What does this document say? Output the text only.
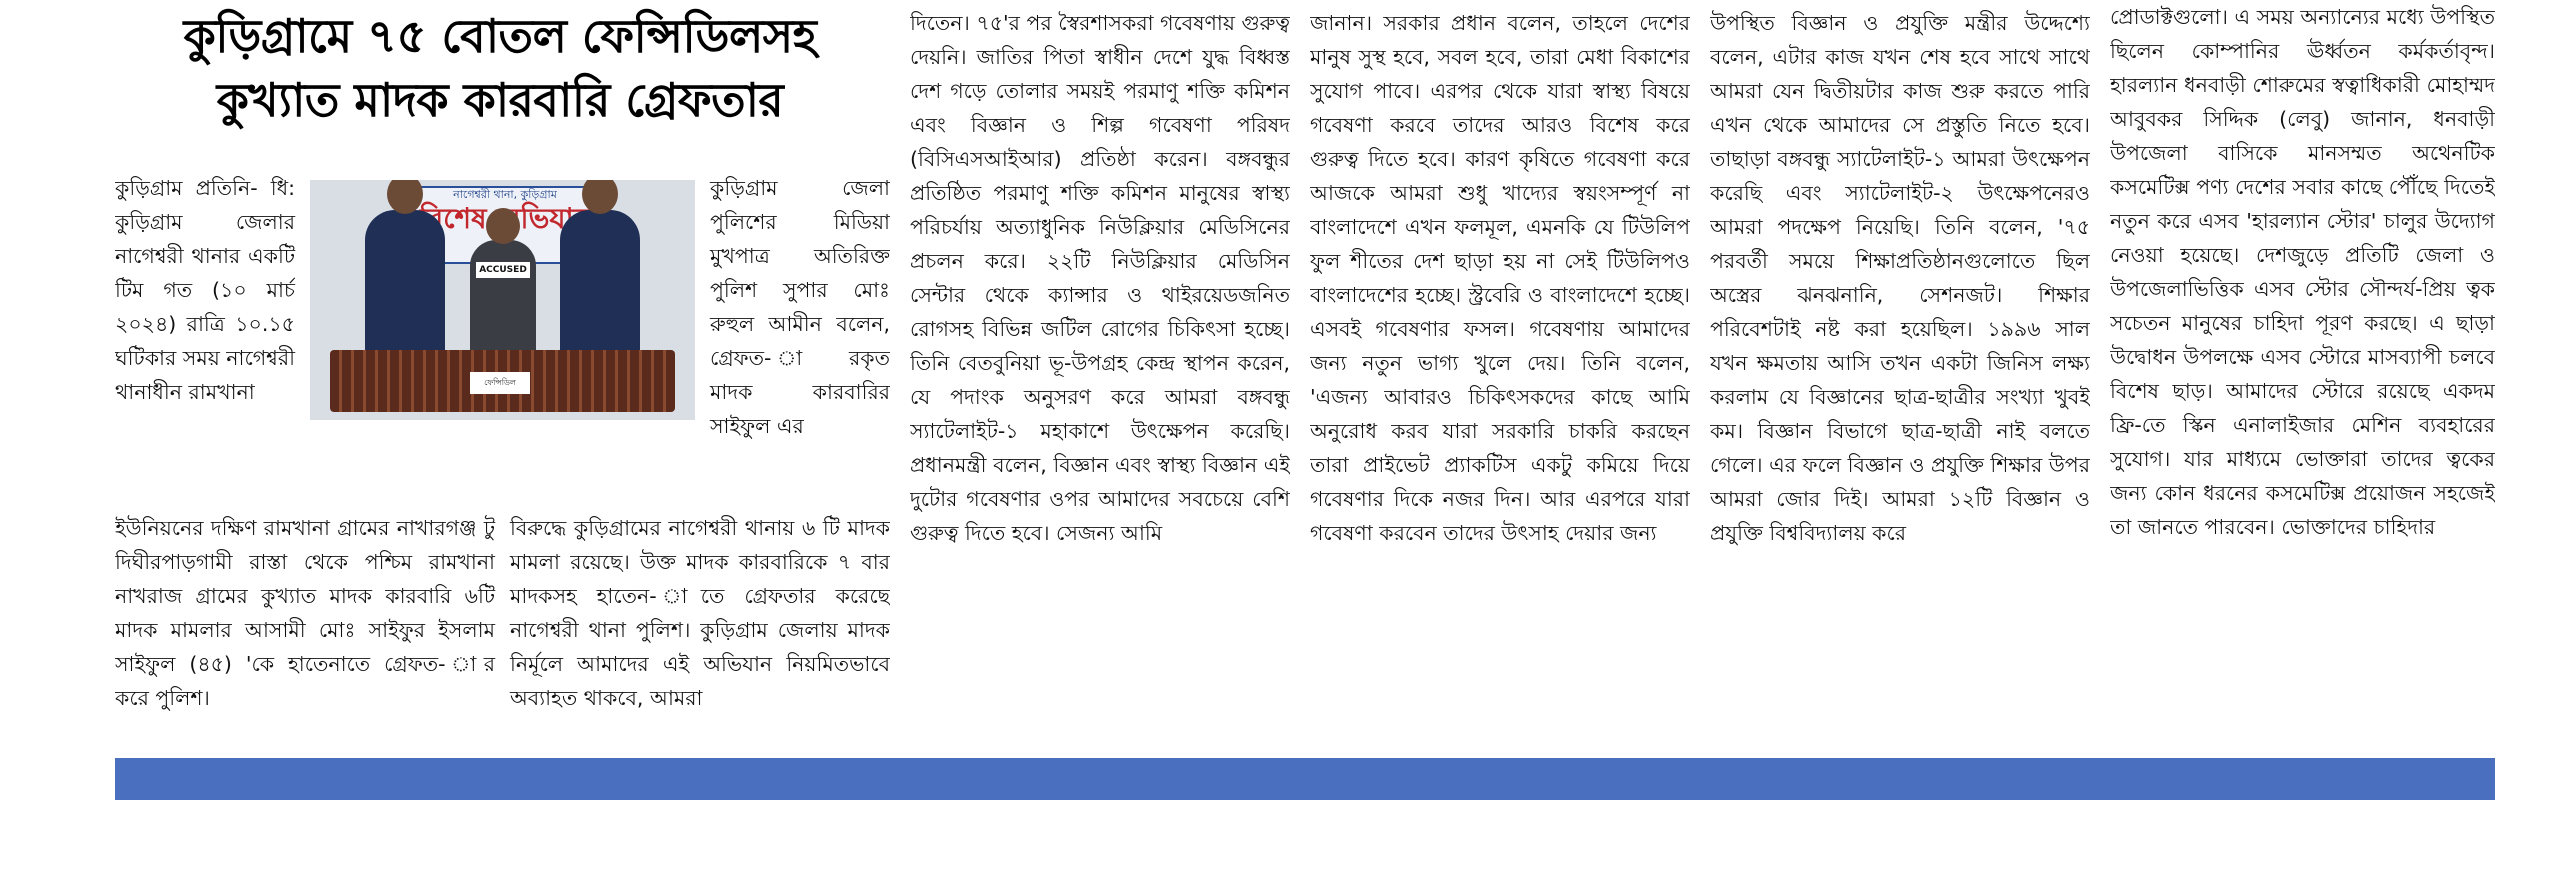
কুড়িগ্রামে ৭৫ বোতল ফেন্সিডিলসহ
কুখ্যাত মাদক কারবারি গ্রেফতার

কুড়িগ্রাম প্রতিনি- ধি: কুড়িগ্রাম জেলার নাগেশ্বরী থানার একটি টিম গত (১০ মার্চ ২০২৪) রাত্রি ১০.১৫ ঘটিকার সময় নাগেশ্বরী থানাধীন রামখানা

নাগেশ্বরী থানা, কুড়িগ্রাম
বিশেষ অভিযান
ACCUSED
ফেন্সিডিল

কুড়িগ্রাম জেলা পুলিশের মিডিয়া মুখপাত্র অতিরিক্ত পুলিশ সুপার মোঃ রুহুল আমীন বলেন, গ্রেফত- ারকৃত মাদক কারবারির সাইফুল এর

ইউনিয়নের দক্ষিণ রামখানা গ্রামের নাখারগঞ্জ টু দিঘীরপাড়গামী রাস্তা থেকে পশ্চিম রামখানা নাখরাজ গ্রামের কুখ্যাত মাদক কারবারি ৬টি মাদক মামলার আসামী মোঃ সাইফুর ইসলাম সাইফুল (৪৫) 'কে হাতেনাতে গ্রেফত- ার করে পুলিশ।

বিরুদ্ধে কুড়িগ্রামের নাগেশ্বরী থানায় ৬ টি মাদক মামলা রয়েছে। উক্ত মাদক কারবারিকে ৭ বার মাদকসহ হাতেন- াতে গ্রেফতার করেছে নাগেশ্বরী থানা পুলিশ। কুড়িগ্রাম জেলায় মাদক নির্মূলে আমাদের এই অভিযান নিয়মিতভাবে অব্যাহত থাকবে, আমরা

দিতেন। ৭৫'র পর স্বৈরশাসকরা গবেষণায় গুরুত্ব দেয়নি। জাতির পিতা স্বাধীন দেশে যুদ্ধ বিধ্বস্ত দেশ গড়ে তোলার সময়ই পরমাণু শক্তি কমিশন এবং বিজ্ঞান ও শিল্প গবেষণা পরিষদ (বিসিএসআইআর) প্রতিষ্ঠা করেন। বঙ্গবন্ধুর প্রতিষ্ঠিত পরমাণু শক্তি কমিশন মানুষের স্বাস্থ্য পরিচর্যায় অত্যাধুনিক নিউক্লিয়ার মেডিসিনের প্রচলন করে। ২২টি নিউক্লিয়ার মেডিসিন সেন্টার থেকে ক্যান্সার ও থাইরয়েডজনিত রোগসহ বিভিন্ন জটিল রোগের চিকিৎসা হচ্ছে। তিনি বেতবুনিয়া ভূ-উপগ্রহ কেন্দ্র স্থাপন করেন, যে পদাংক অনুসরণ করে আমরা বঙ্গবন্ধু স্যাটেলাইট-১ মহাকাশে উৎক্ষেপন করেছি। প্রধানমন্ত্রী বলেন, বিজ্ঞান এবং স্বাস্থ্য বিজ্ঞান এই দুটোর গবেষণার ওপর আমাদের সবচেয়ে বেশি গুরুত্ব দিতে হবে। সেজন্য আমি

জানান। সরকার প্রধান বলেন, তাহলে দেশের মানুষ সুস্থ হবে, সবল হবে, তারা মেধা বিকাশের সুযোগ পাবে। এরপর থেকে যারা স্বাস্থ্য বিষয়ে গবেষণা করবে তাদের আরও বিশেষ করে গুরুত্ব দিতে হবে। কারণ কৃষিতে গবেষণা করে আজকে আমরা শুধু খাদ্যের স্বয়ংসম্পূর্ণ না বাংলাদেশে এখন ফলমূল, এমনকি যে টিউলিপ ফুল শীতের দেশ ছাড়া হয় না সেই টিউলিপও বাংলাদেশের হচ্ছে। স্ট্রবেরি ও বাংলাদেশে হচ্ছে। এসবই গবেষণার ফসল। গবেষণায় আমাদের জন্য নতুন ভাগ্য খুলে দেয়। তিনি বলেন, 'এজন্য আবারও চিকিৎসকদের কাছে আমি অনুরোধ করব যারা সরকারি চাকরি করছেন তারা প্রাইভেট প্র্যাকটিস একটু কমিয়ে দিয়ে গবেষণার দিকে নজর দিন। আর এরপরে যারা গবেষণা করবেন তাদের উৎসাহ দেয়ার জন্য

উপস্থিত বিজ্ঞান ও প্রযুক্তি মন্ত্রীর উদ্দেশ্যে বলেন, এটার কাজ যখন শেষ হবে সাথে সাথে আমরা যেন দ্বিতীয়টার কাজ শুরু করতে পারি এখন থেকে আমাদের সে প্রস্তুতি নিতে হবে। তাছাড়া বঙ্গবন্ধু স্যাটেলাইট-১ আমরা উৎক্ষেপন করেছি এবং স্যাটেলাইট-২ উৎক্ষেপনেরও আমরা পদক্ষেপ নিয়েছি। তিনি বলেন, '৭৫ পরবর্তী সময়ে শিক্ষাপ্রতিষ্ঠানগুলোতে ছিল অস্ত্রের ঝনঝনানি, সেশনজট। শিক্ষার পরিবেশটাই নষ্ট করা হয়েছিল। ১৯৯৬ সাল যখন ক্ষমতায় আসি তখন একটা জিনিস লক্ষ্য করলাম যে বিজ্ঞানের ছাত্র-ছাত্রীর সংখ্যা খুবই কম। বিজ্ঞান বিভাগে ছাত্র-ছাত্রী নাই বলতে গেলে। এর ফলে বিজ্ঞান ও প্রযুক্তি শিক্ষার উপর আমরা জোর দিই। আমরা ১২টি বিজ্ঞান ও প্রযুক্তি বিশ্ববিদ্যালয় করে

প্রোডাক্টগুলো। এ সময় অন্যান্যের মধ্যে উপস্থিত ছিলেন কোম্পানির ঊর্ধ্বতন কর্মকর্তাবৃন্দ। হারল্যান ধনবাড়ী শোরুমের স্বত্বাধিকারী মোহাম্মদ আবুবকর সিদ্দিক (লেবু) জানান, ধনবাড়ী উপজেলা বাসিকে মানসম্মত অথেনটিক কসমেটিক্স পণ্য দেশের সবার কাছে পৌঁছে দিতেই নতুন করে এসব 'হারল্যান স্টোর' চালুর উদ্যোগ নেওয়া হয়েছে। দেশজুড়ে প্রতিটি জেলা ও উপজেলাভিত্তিক এসব স্টোর সৌন্দর্য-প্রিয় ত্বক সচেতন মানুষের চাহিদা পূরণ করছে। এ ছাড়া উদ্বোধন উপলক্ষে এসব স্টোরে মাসব্যাপী চলবে বিশেষ ছাড়। আমাদের স্টোরে রয়েছে একদম ফ্রি-তে স্কিন এনালাইজার মেশিন ব্যবহারের সুযোগ। যার মাধ্যমে ভোক্তারা তাদের ত্বকের জন্য কোন ধরনের কসমেটিক্স প্রয়োজন সহজেই তা জানতে পারবেন। ভোক্তাদের চাহিদার
